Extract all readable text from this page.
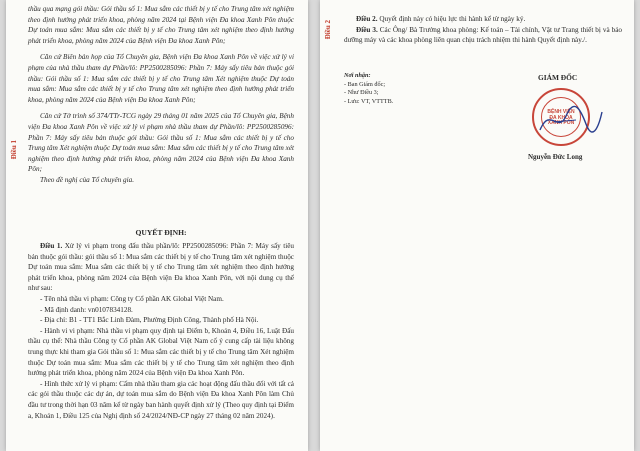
Điều 1

thầu qua mạng gói thầu: Gói thầu số 1: Mua sắm các thiết bị y tế cho Trung tâm xét nghiệm theo định hướng phát triển khoa, phòng năm 2024 tại Bệnh viện Đa khoa Xanh Pôn thuộc Dự toán mua sắm: Mua sắm các thiết bị y tế cho Trung tâm xét nghiệm theo định hướng phát triển khoa, phòng năm 2024 của Bệnh viện Đa khoa Xanh Pôn;

Căn cứ Biên bản họp của Tổ Chuyên gia, Bệnh viện Đa khoa Xanh Pôn về việc xử lý vi phạm của nhà thầu tham dự Phần/lô: PP2500285096: Phần 7: Máy sấy tiêu bản thuộc gói thầu: Gói thầu số 1: Mua sắm các thiết bị y tế cho Trung tâm Xét nghiệm thuộc Dự toán mua sắm: Mua sắm các thiết bị y tế cho Trung tâm xét nghiệm theo định hướng phát triển khoa, phòng năm 2024 của Bệnh viện Đa khoa Xanh Pôn;

Căn cứ Tờ trình số 374/TTr-TCG ngày 29 tháng 01 năm 2025 của Tổ Chuyên gia, Bệnh viện Đa khoa Xanh Pôn về việc xử lý vi phạm nhà thầu tham dự Phần/lô: PP2500285096: Phần 7: Máy sấy tiêu bản thuộc gói thầu: Gói thầu số 1: Mua sắm các thiết bị y tế cho Trung tâm Xét nghiệm thuộc Dự toán mua sắm: Mua sắm các thiết bị y tế cho Trung tâm xét nghiệm theo định hướng phát triển khoa, phòng năm 2024 của Bệnh viện Đa khoa Xanh Pôn;

Theo đề nghị của Tổ chuyên gia.

QUYẾT ĐỊNH:

Điều 1. Xử lý vi phạm trong đấu thầu phần/lô: PP2500285096: Phần 7: Máy sấy tiêu bản thuộc gói thầu: gói thầu số 1: Mua sắm các thiết bị y tế cho Trung tâm xét nghiệm thuộc Dự toán mua sắm: Mua sắm các thiết bị y tế cho Trung tâm xét nghiệm theo định hướng phát triển khoa, phòng năm 2024 của Bệnh viện Đa khoa Xanh Pôn, với nội dung cụ thể như sau:

- Tên nhà thầu vi phạm: Công ty Cổ phần AK Global Việt Nam.

- Mã định danh: vn0107834128.

- Địa chỉ: B1 - TT1 Bắc Linh Đàm, Phường Định Công, Thành phố Hà Nội.

- Hành vi vi phạm: Nhà thầu vi phạm quy định tại Điểm b, Khoản 4, Điều 16, Luật Đấu thầu cụ thể: Nhà thầu Công ty Cổ phần AK Global Việt Nam cố ý cung cấp tài liệu không trung thực khi tham gia Gói thầu số 1: Mua sắm các thiết bị y tế cho Trung tâm Xét nghiệm thuộc Dự toán mua sắm: Mua sắm các thiết bị y tế cho Trung tâm xét nghiệm theo định hướng phát triển khoa, phòng năm 2024 của Bệnh viện Đa khoa Xanh Pôn.

- Hình thức xử lý vi phạm: Cấm nhà thầu tham gia các hoạt động đấu thầu đối với tất cả các gói thầu thuộc các dự án, dự toán mua sắm do Bệnh viện Đa khoa Xanh Pôn làm Chủ đầu tư trong thời hạn 03 năm kể từ ngày ban hành quyết định xử lý (Theo quy định tại Điểm a, Khoản 1, Điều 125 của Nghị định số 24/2024/NĐ-CP ngày 27 tháng 02 năm 2024).

Điều 2

Điều 2. Quyết định này có hiệu lực thi hành kể từ ngày ký.

Điều 3. Các Ông/ Bà Trưởng khoa phòng: Kế toán – Tài chính, Vật tư Trang thiết bị và bảo dưỡng máy và các khoa phòng liên quan chịu trách nhiệm thi hành Quyết định này./.

Nơi nhận:
- Ban Giám đốc;
- Như Điều 3;
- Lưu: VT, VTTTB.
GIÁM ĐỐC
BỆNH VIỆN
ĐA KHOA
XANH PÔN
Nguyễn Đức Long
